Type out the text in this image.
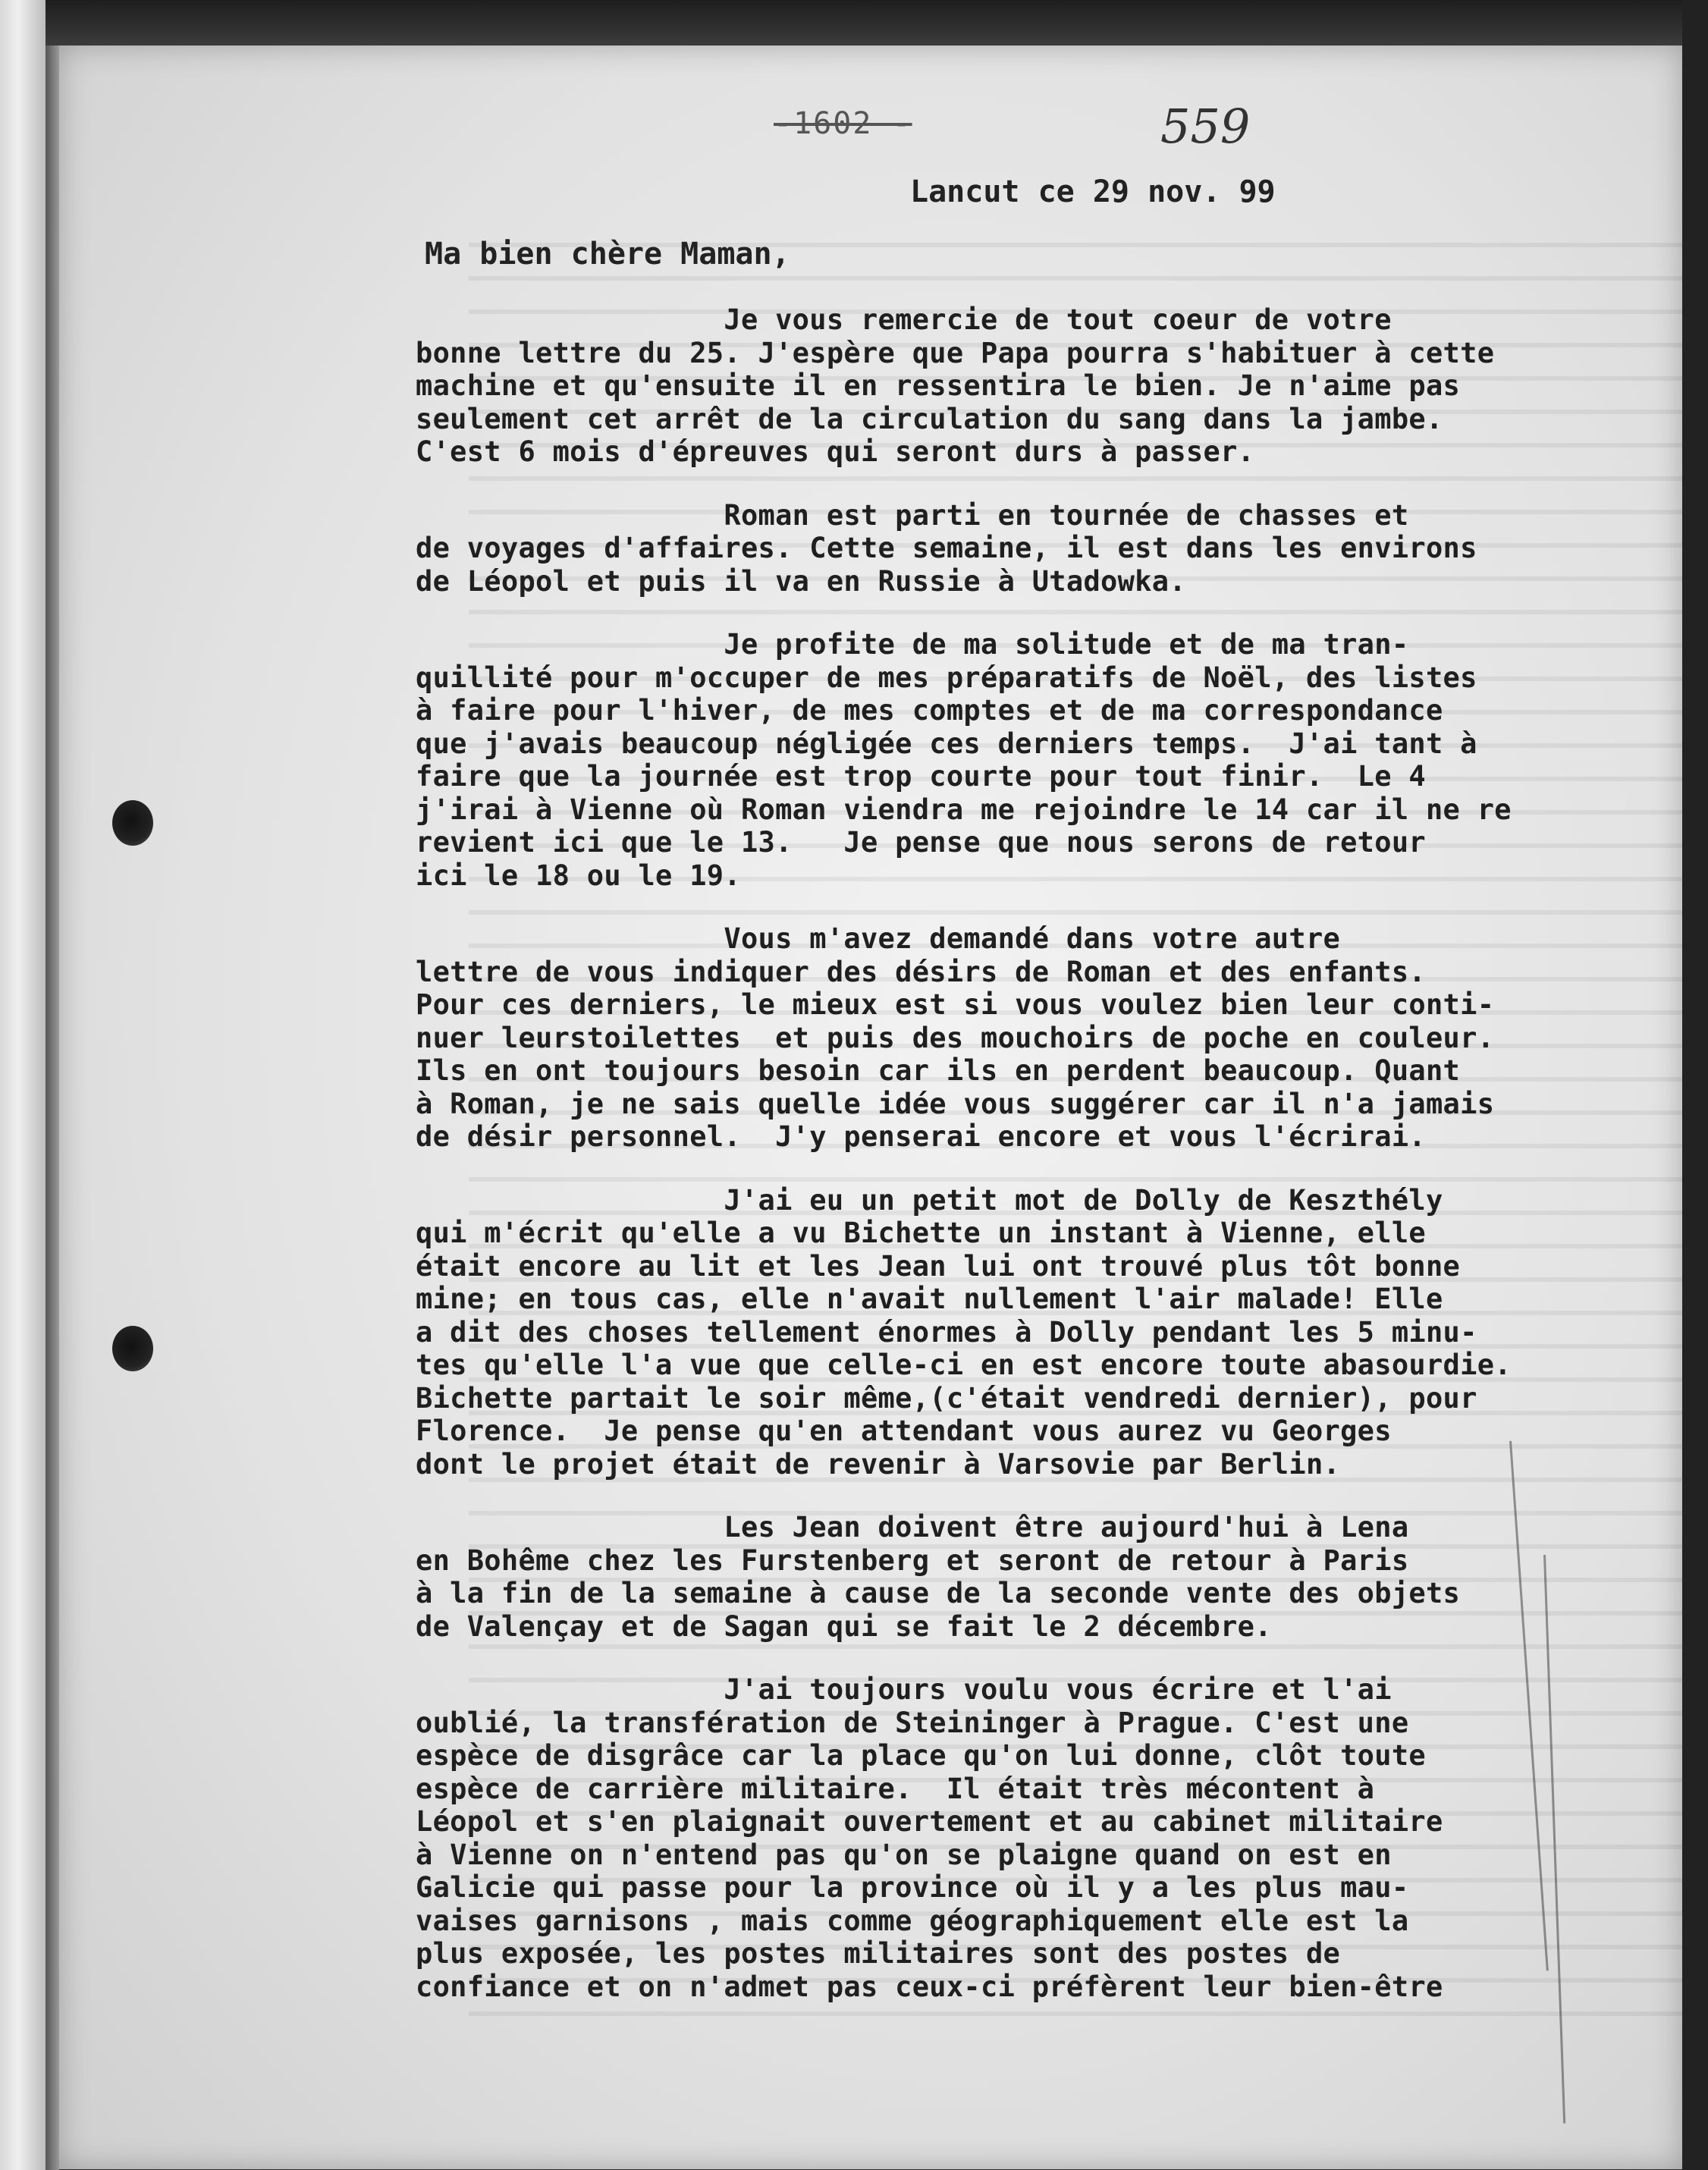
-1602 -	559
Lancut ce 29 nov. 99
Ma bien chère Maman,
Je vous remercie de tout coeur de votre
bonne lettre du 25. J'espère que Papa pourra s'habituer à cette
machine et qu'ensuite il en ressentira le bien. Je n'aime pas
seulement cet arrêt de la circulation du sang dans la jambe.
C'est 6 mois d'épreuves qui seront durs à passer.
Roman est parti en tournée de chasses et
de voyages d'affaires. Cette semaine, il est dans les environs
de Léopol et puis il va en Russie à Utadowka.
Je profite de ma solitude et de ma tran-
quillité pour m'occuper de mes préparatifs de Noël, des listes
à faire pour l'hiver, de mes comptes et de ma correspondance
que j'avais beaucoup négligée ces derniers temps.  J'ai tant à
faire que la journée est trop courte pour tout finir.  Le 4
j'irai à Vienne où Roman viendra me rejoindre le 14 car il ne re
revient ici que le 13.   Je pense que nous serons de retour
ici le 18 ou le 19.
Vous m'avez demandé dans votre autre
lettre de vous indiquer des désirs de Roman et des enfants.
Pour ces derniers, le mieux est si vous voulez bien leur conti-
nuer leurstoilettes  et puis des mouchoirs de poche en couleur.
Ils en ont toujours besoin car ils en perdent beaucoup. Quant
à Roman, je ne sais quelle idée vous suggérer car il n'a jamais
de désir personnel.  J'y penserai encore et vous l'écrirai.
J'ai eu un petit mot de Dolly de Keszthély
qui m'écrit qu'elle a vu Bichette un instant à Vienne, elle
était encore au lit et les Jean lui ont trouvé plus tôt bonne
mine; en tous cas, elle n'avait nullement l'air malade! Elle
a dit des choses tellement énormes à Dolly pendant les 5 minu-
tes qu'elle l'a vue que celle-ci en est encore toute abasourdie.
Bichette partait le soir même,(c'était vendredi dernier), pour
Florence.  Je pense qu'en attendant vous aurez vu Georges
dont le projet était de revenir à Varsovie par Berlin.
Les Jean doivent être aujourd'hui à Lena
en Bohême chez les Furstenberg et seront de retour à Paris
à la fin de la semaine à cause de la seconde vente des objets
de Valençay et de Sagan qui se fait le 2 décembre.
J'ai toujours voulu vous écrire et l'ai
oublié, la transfération de Steininger à Prague. C'est une
espèce de disgrâce car la place qu'on lui donne, clôt toute
espèce de carrière militaire.  Il était très mécontent à
Léopol et s'en plaignait ouvertement et au cabinet militaire
à Vienne on n'entend pas qu'on se plaigne quand on est en
Galicie qui passe pour la province où il y a les plus mau-
vaises garnisons , mais comme géographiquement elle est la
plus exposée, les postes militaires sont des postes de
confiance et on n'admet pas ceux-ci préfèrent leur bien-être
